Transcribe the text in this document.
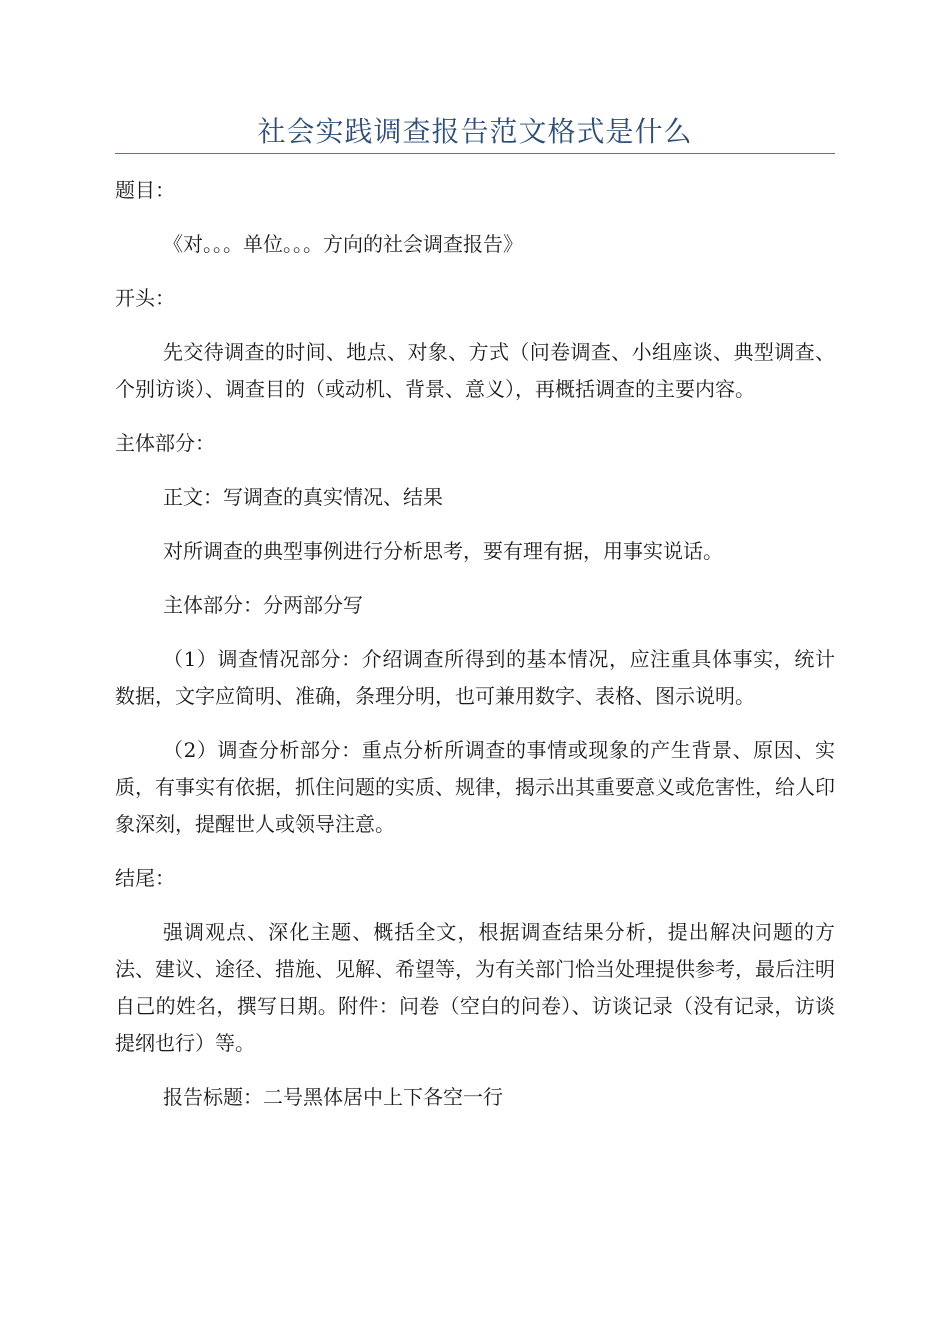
社会实践调查报告范文格式是什么

题目：

《对。。。单位。。。方向的社会调查报告》

开头：

先交待调查的时间、地点、对象、方式（问卷调查、小组座谈、典型调查、个别访谈）、调查目的（或动机、背景、意义），再概括调查的主要内容。

主体部分：

正文：写调查的真实情况、结果

对所调查的典型事例进行分析思考，要有理有据，用事实说话。

主体部分：分两部分写

（1）调查情况部分：介绍调查所得到的基本情况，应注重具体事实，统计数据，文字应简明、准确，条理分明，也可兼用数字、表格、图示说明。

（2）调查分析部分：重点分析所调查的事情或现象的产生背景、原因、实质，有事实有依据，抓住问题的实质、规律，揭示出其重要意义或危害性，给人印象深刻，提醒世人或领导注意。

结尾：

强调观点、深化主题、概括全文，根据调查结果分析，提出解决问题的方法、建议、途径、措施、见解、希望等，为有关部门恰当处理提供参考，最后注明自己的姓名，撰写日期。附件：问卷（空白的问卷）、访谈记录（没有记录，访谈提纲也行）等。

报告标题：二号黑体居中上下各空一行
